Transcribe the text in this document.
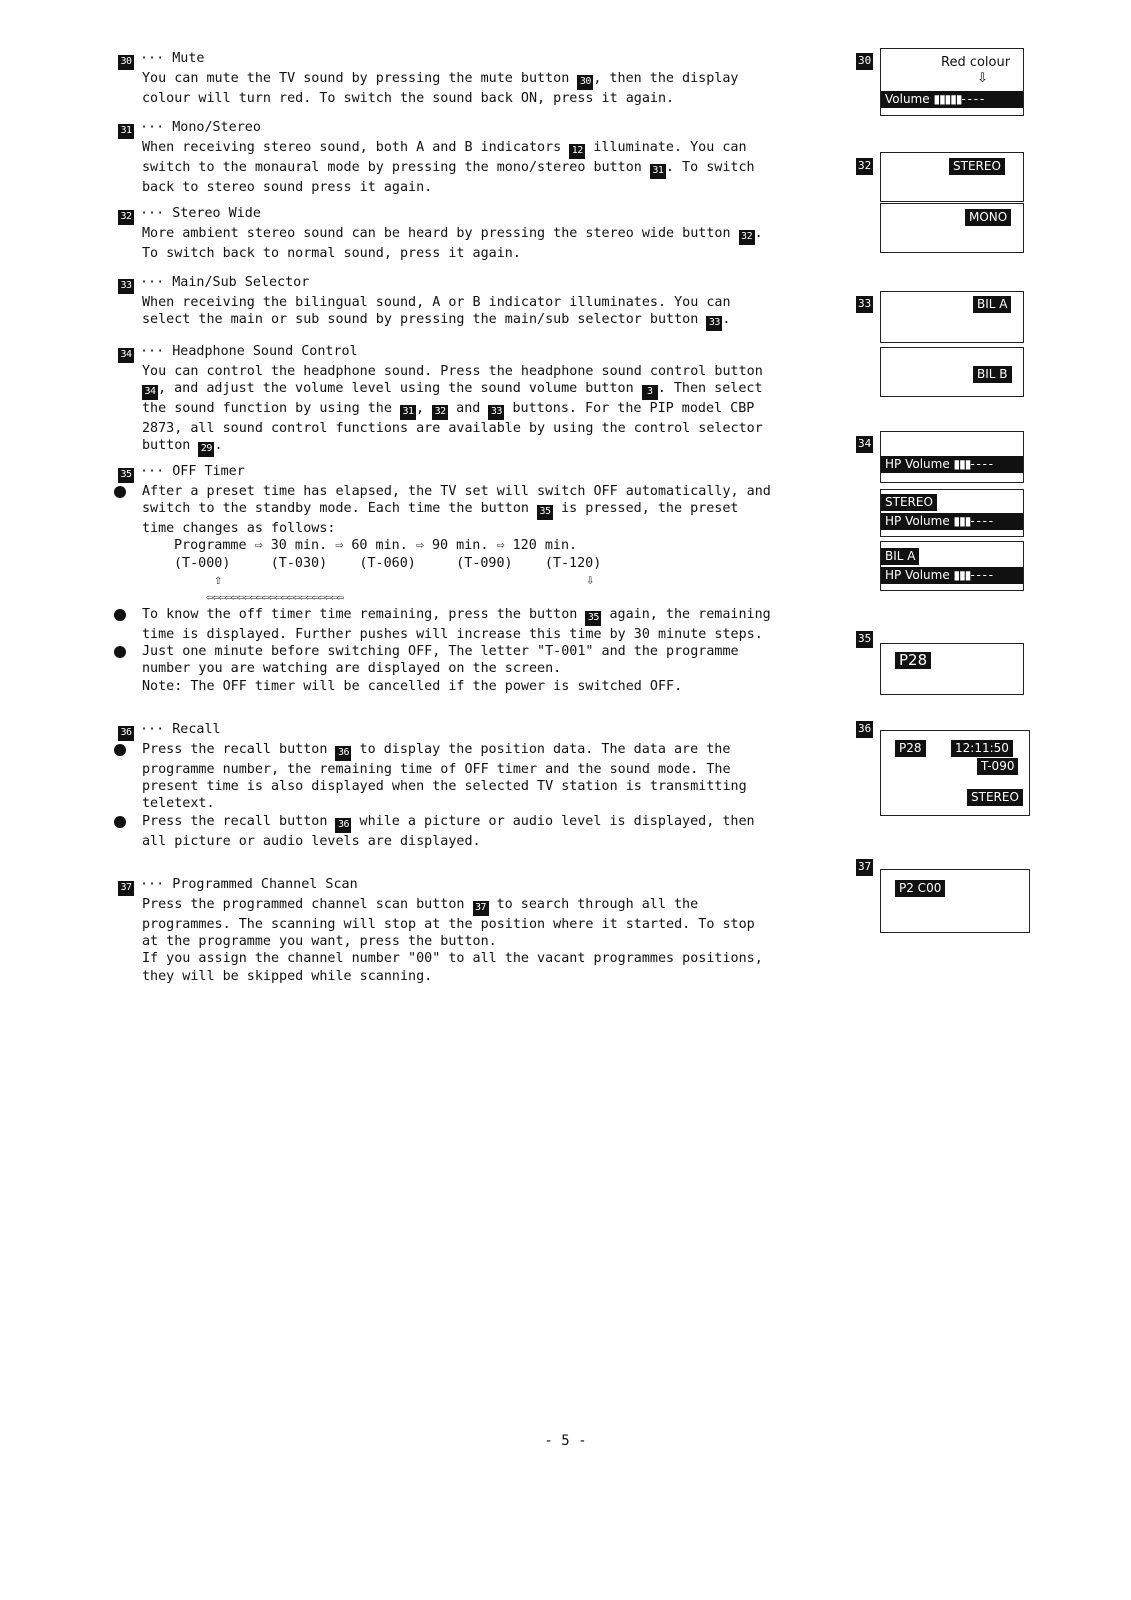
30 ··· Mute
You can mute the TV sound by pressing the mute button 30 , then the display colour will turn red. To switch the sound back ON, press it again.
31 ··· Mono/Stereo
When receiving stereo sound, both A and B indicators 12 illuminate. You can switch to the monaural mode by pressing the mono/stereo button 31 . To switch back to stereo sound press it again.
32 ··· Stereo Wide
More ambient stereo sound can be heard by pressing the stereo wide button 32 . To switch back to normal sound, press it again.
33 ··· Main/Sub Selector
When receiving the bilingual sound, A or B indicator illuminates. You can select the main or sub sound by pressing the main/sub selector button 33 .
34 ··· Headphone Sound Control
You can control the headphone sound. Press the headphone sound control button 34 , and adjust the volume level using the sound volume button 3 . Then select the sound function by using the 31 , 32 and 33 buttons. For the PIP model CBP 2873, all sound control functions are available by using the control selector button 29 .
35 ··· OFF Timer
After a preset time has elapsed, the TV set will switch OFF automatically, and switch to the standby mode. Each time the button 35 is pressed, the preset time changes as follows:
Programme ⇨ 30 min. ⇨ 60 min. ⇨ 90 min. ⇨ 120 min.
(T-000)     (T-030)    (T-060)     (T-090)    (T-120)
⇧	⇩
⇦⇦⇦⇦⇦⇦⇦⇦⇦⇦⇦⇦⇦⇦⇦⇦⇦⇦⇦⇦⇦⇦
To know the off timer time remaining, press the button 35 again, the remaining time is displayed. Further pushes will increase this time by 30 minute steps.
Just one minute before switching OFF, The letter "T-001" and the programme number you are watching are displayed on the screen.
Note: The OFF timer will be cancelled if the power is switched OFF.
36 ··· Recall
Press the recall button 36 to display the position data. The data are the programme number, the remaining time of OFF timer and the sound mode. The present time is also displayed when the selected TV station is transmitting teletext.
Press the recall button 36 while a picture or audio level is displayed, then all picture or audio levels are displayed.
37 ··· Programmed Channel Scan
Press the programmed channel scan button 37 to search through all the programmes. The scanning will stop at the position where it started. To stop at the programme you want, press the button.
If you assign the channel number "00" to all the vacant programmes positions, they will be skipped while scanning.
30	Red colour
⇩
Volume ▮▮▮▮▮- - - -
32	STEREO
MONO
33	BIL A
BIL B
34
HP Volume ▮▮▮- - - -
STEREO
HP Volume ▮▮▮- - - -
BIL A
HP Volume ▮▮▮- - - -
35
P28
36
P28	12:11:50
T-090
STEREO
37
P2 C00
- 5 -
